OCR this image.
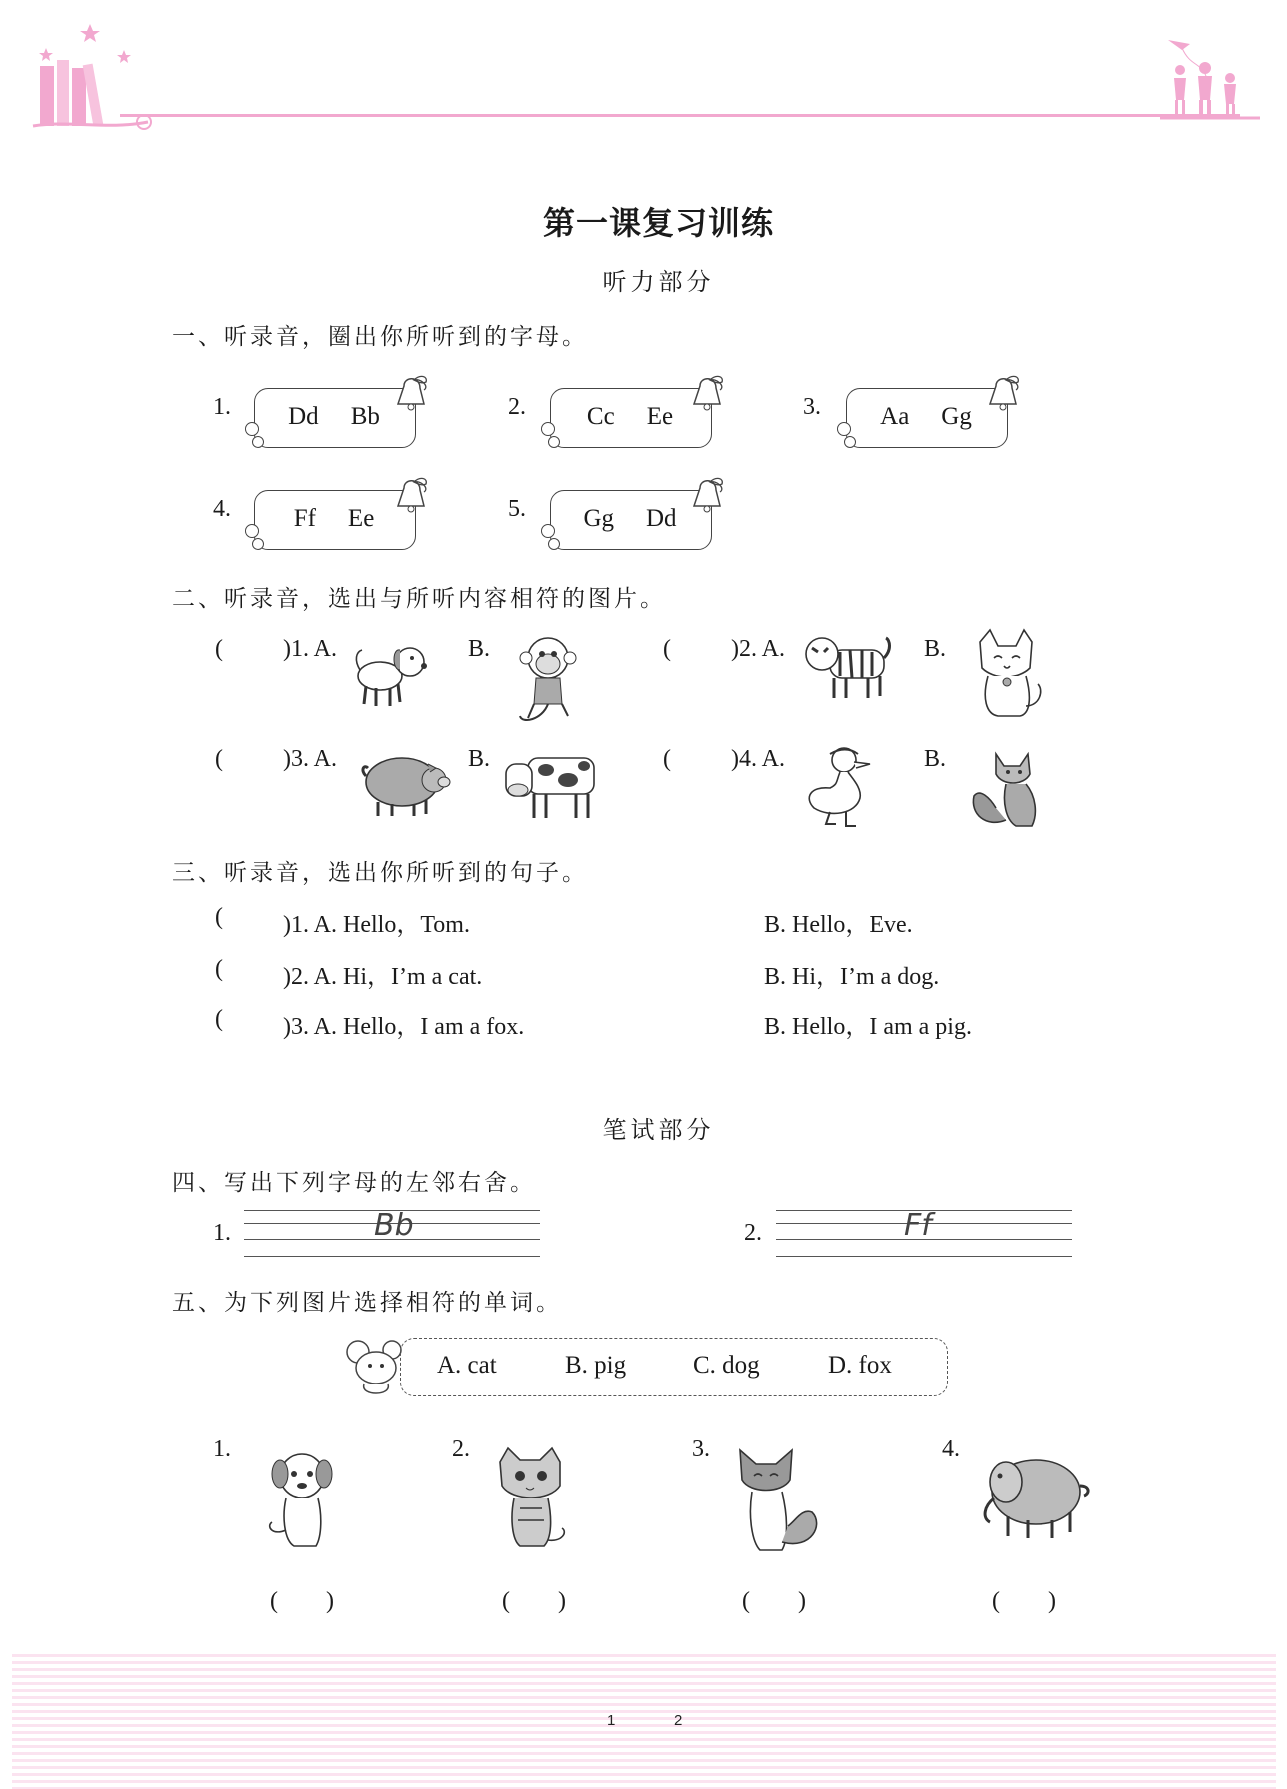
第一课复习训练
听力部分
一、听录音，圈出你所听到的字母。
1. Dd Bb	2. Cc Ee	3. Aa Gg
4.	Ff Ee	5. Gg Dd
二、听录音，选出与所听内容相符的图片。
(	)1. A.	B.	(	)2. A.	B.
(	)3. A.	B.	(	)4. A.	B.
三、听录音，选出你所听到的句子。
(	)1. A. Hello，Tom.	B. Hello，Eve.
(	)2. A. Hi，I’m a cat.	B. Hi，I’m a dog.
(	)3. A. Hello，I am a fox.	B. Hello，I am a pig.
笔试部分
四、写出下列字母的左邻右舍。
1.	Bb	2.	Ff
五、为下列图片选择相符的单词。
A. cat	B. pig	C. dog	D. fox
1.
(        )
2.
(        )
3.
(        )
4.
(        )
1	2
